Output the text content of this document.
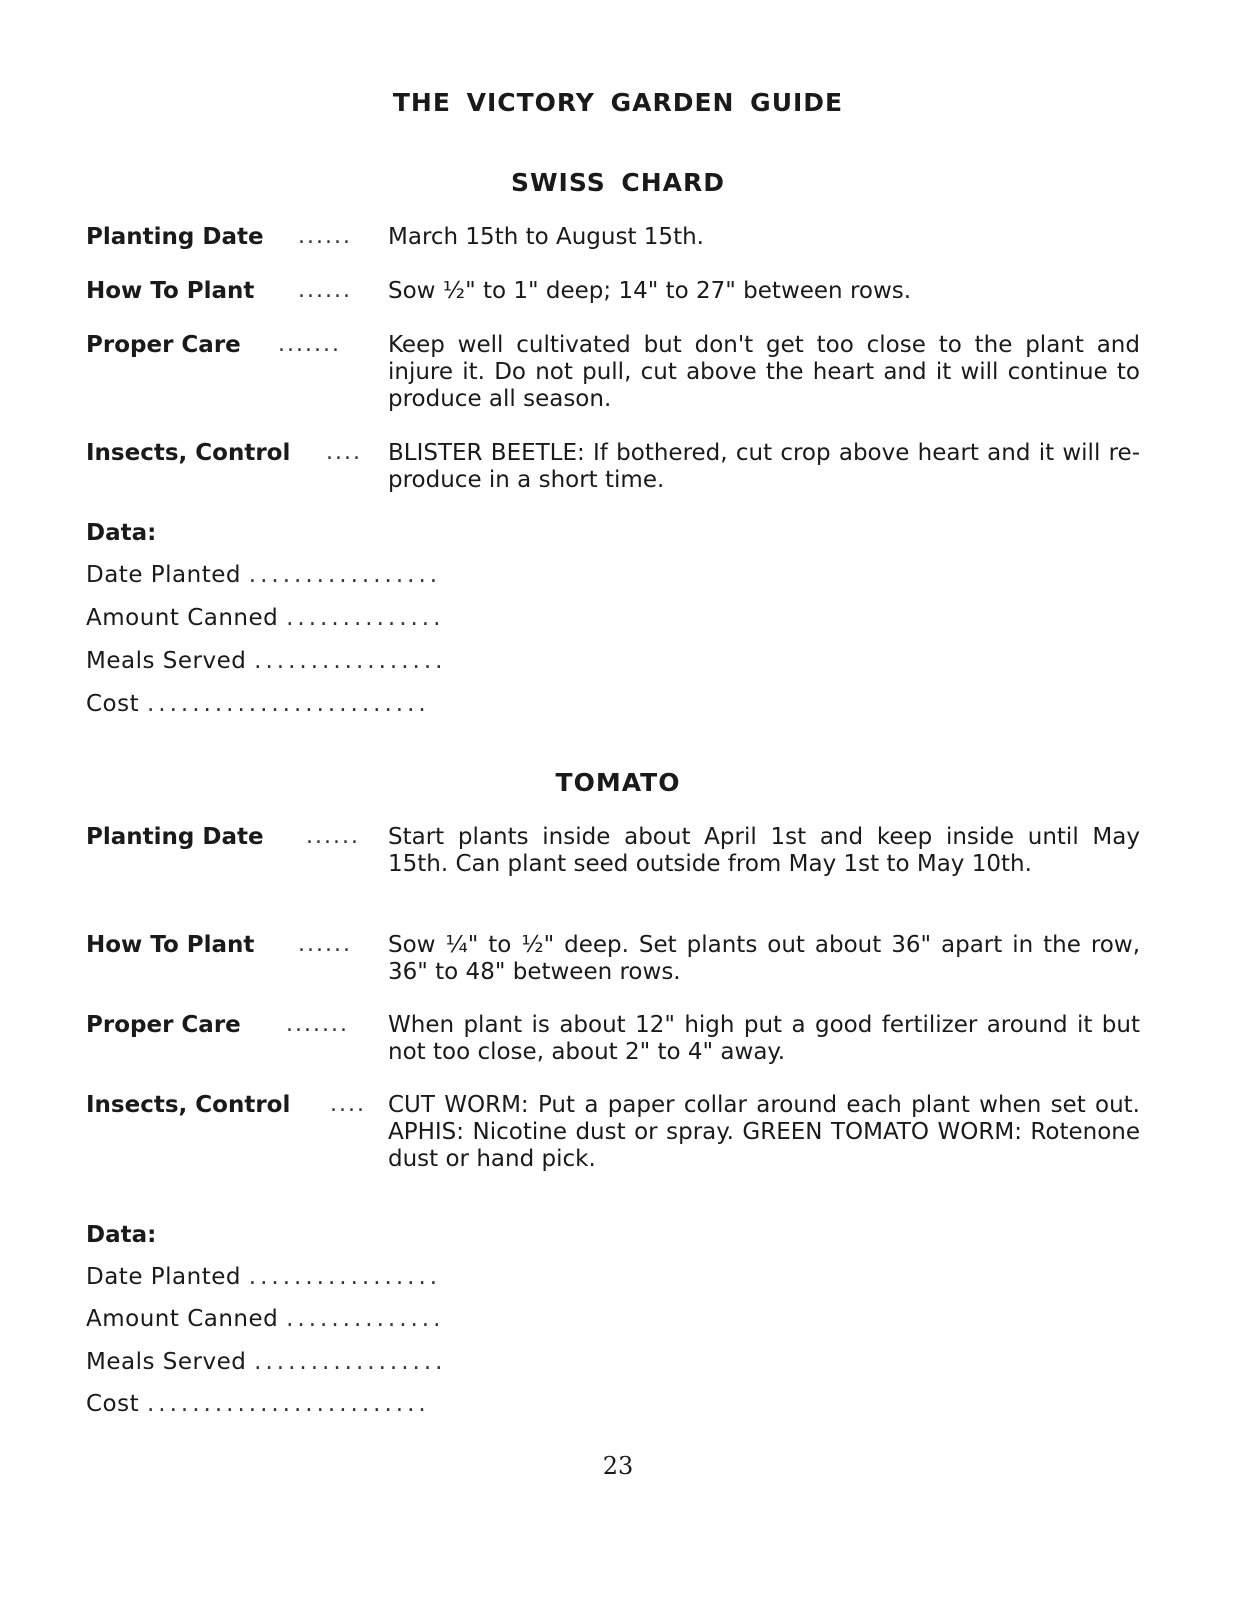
THE VICTORY GARDEN GUIDE
SWISS CHARD
Planting Date ...... March 15th to August 15th.
How To Plant ...... Sow ½" to 1" deep; 14" to 27" between rows.
Proper Care ....... Keep well cultivated but don't get too close to the plant and injure it. Do not pull, cut above the heart and it will continue to produce all season.
Insects, Control .... BLISTER BEETLE: If bothered, cut crop above heart and it will re-produce in a short time.
Data:
Date Planted .................
Amount Canned ..............
Meals Served .................
Cost .........................
TOMATO
Planting Date ...... Start plants inside about April 1st and keep inside until May 15th. Can plant seed outside from May 1st to May 10th.
How To Plant ...... Sow ¼" to ½" deep. Set plants out about 36" apart in the row, 36" to 48" between rows.
Proper Care ....... When plant is about 12" high put a good fertilizer around it but not too close, about 2" to 4" away.
Insects, Control .... CUT WORM: Put a paper collar around each plant when set out. APHIS: Nicotine dust or spray. GREEN TOMATO WORM: Rotenone dust or hand pick.
Data:
Date Planted .................
Amount Canned ..............
Meals Served .................
Cost .........................
23
